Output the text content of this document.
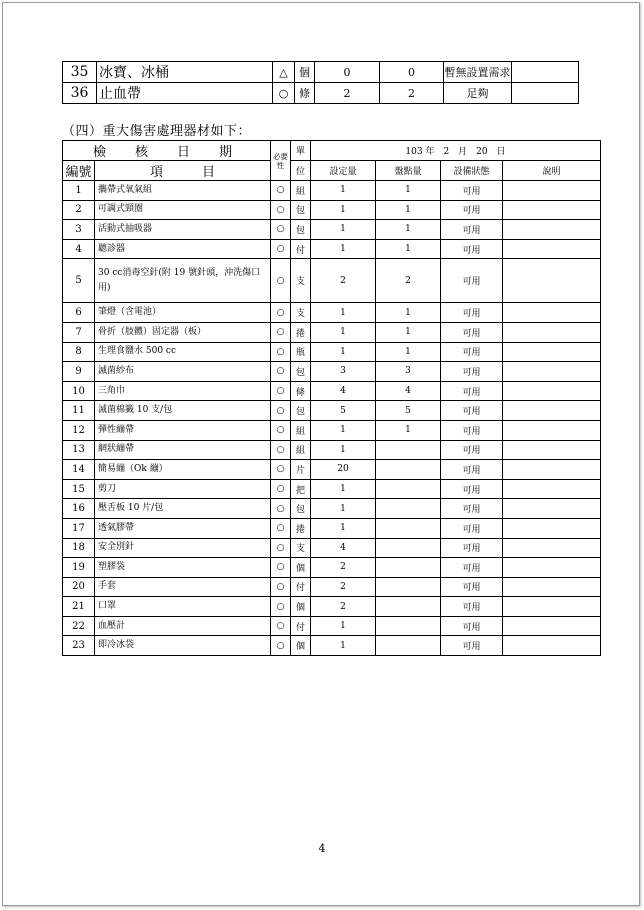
35	冰寶、冰桶	△	個	0	0	暫無設置需求	
36	止血帶	○	條	2	2	足夠	
（四）重大傷害處理器材如下：
檢　核　日　期		必要性	單	103 年　2　月　20　日			
編號	項　　　目		位	設定量	盤點量	設備狀態	說明
1	攜帶式氧氣組	○	組	1	1	可用	
2	可調式頸圈	○	包	1	1	可用	
3	活動式抽吸器	○	包	1	1	可用	
4	聽診器	○	付	1	1	可用	
5	30 cc消毒空針(附 19 號針頭，沖洗傷口用)	○	支	2	2	可用	
6	筆燈（含電池）	○	支	1	1	可用	
7	骨折（肢體）固定器（板）	○	捲	1	1	可用	
8	生理食鹽水 500 cc	○	瓶	1	1	可用	
9	滅菌紗布	○	包	3	3	可用	
10	三角巾	○	條	4	4	可用	
11	滅菌棉籤 10 支/包	○	包	5	5	可用	
12	彈性繃帶	○	組	1	1	可用	
13	網狀繃帶	○	組	1		可用	
14	簡易繃（Ok 繃）	○	片	20		可用	
15	剪刀	○	把	1		可用	
16	壓舌板 10 片/包	○	包	1		可用	
17	透氣膠帶	○	捲	1		可用	
18	安全別針	○	支	4		可用	
19	塑膠袋	○	個	2		可用	
20	手套	○	付	2		可用	
21	口罩	○	個	2		可用	
22	血壓計	○	付	1		可用	
23	即冷冰袋	○	個	1		可用	
4
